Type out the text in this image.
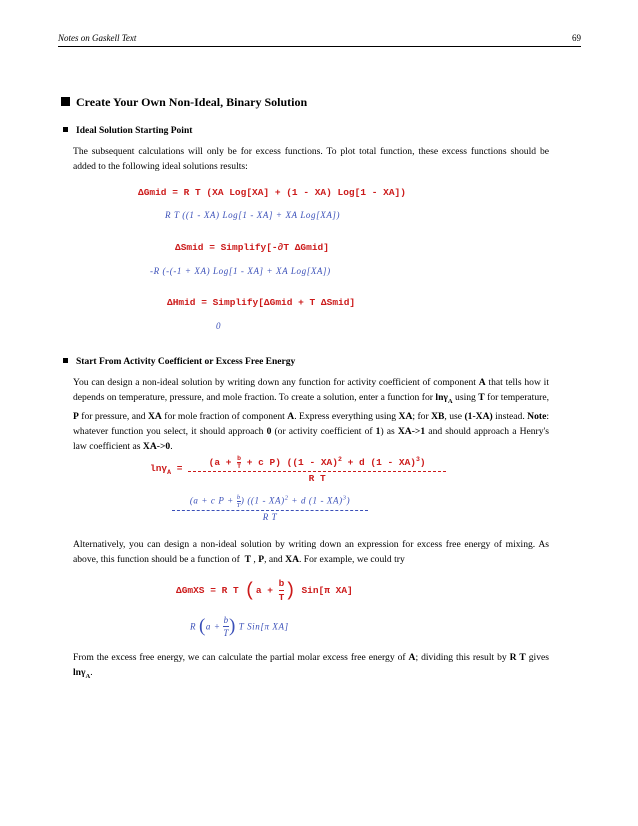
Notes on Gaskell Text	69
Create Your Own Non-Ideal, Binary Solution
Ideal Solution Starting Point
The subsequent calculations will only be for excess functions. To plot total function, these excess functions should be added to the following ideal solutions results:
ΔGmid = R T (XA Log[XA] + (1 - XA) Log[1 - XA])
R T ((1 - XA) Log[1 - XA] + XA Log[XA])
ΔSmid = Simplify[-∂T ΔGmid]
-R (-(-1 + XA) Log[1 - XA] + XA Log[XA])
ΔHmid = Simplify[ΔGmid + T ΔSmid]
0
Start From Activity Coefficient or Excess Free Energy
You can design a non-ideal solution by writing down any function for activity coefficient of component A that tells how it depends on temperature, pressure, and mole fraction. To create a solution, enter a function for lnγ$_A$ using T for temperature, P for pressure, and XA for mole fraction of component A. Express everything using XA; for XB, use (1-XA) instead. Note: whatever function you select, it should approach 0 (or activity coefficient of 1) as XA->1 and should approach a Henry's law coefficient as XA->0.
$\ln\gamma_A = \frac{(a + \frac{b}{T} + c P) ((1 - XA)^2 + d (1 - XA)^3)}{\text{R T}}$
$\frac{(a + c P + \frac{b}{T} ) ((1 - XA)^2 + d (1 - XA)^3)}{\text{R T}}$
Alternatively, you can design a non-ideal solution by writing down an expression for excess free energy of mixing. As above, this function should be a function of  T , P, and XA. For example, we could try
ΔGmXS = R T ($a + \frac{b}{T}$ ) Sin[π XA]
R ($a + \frac{b}{T}$ ) T Sin[π XA]
From the excess free energy, we can calculate the partial molar excess free energy of A; dividing this result by R T gives lnγ$_A$.
